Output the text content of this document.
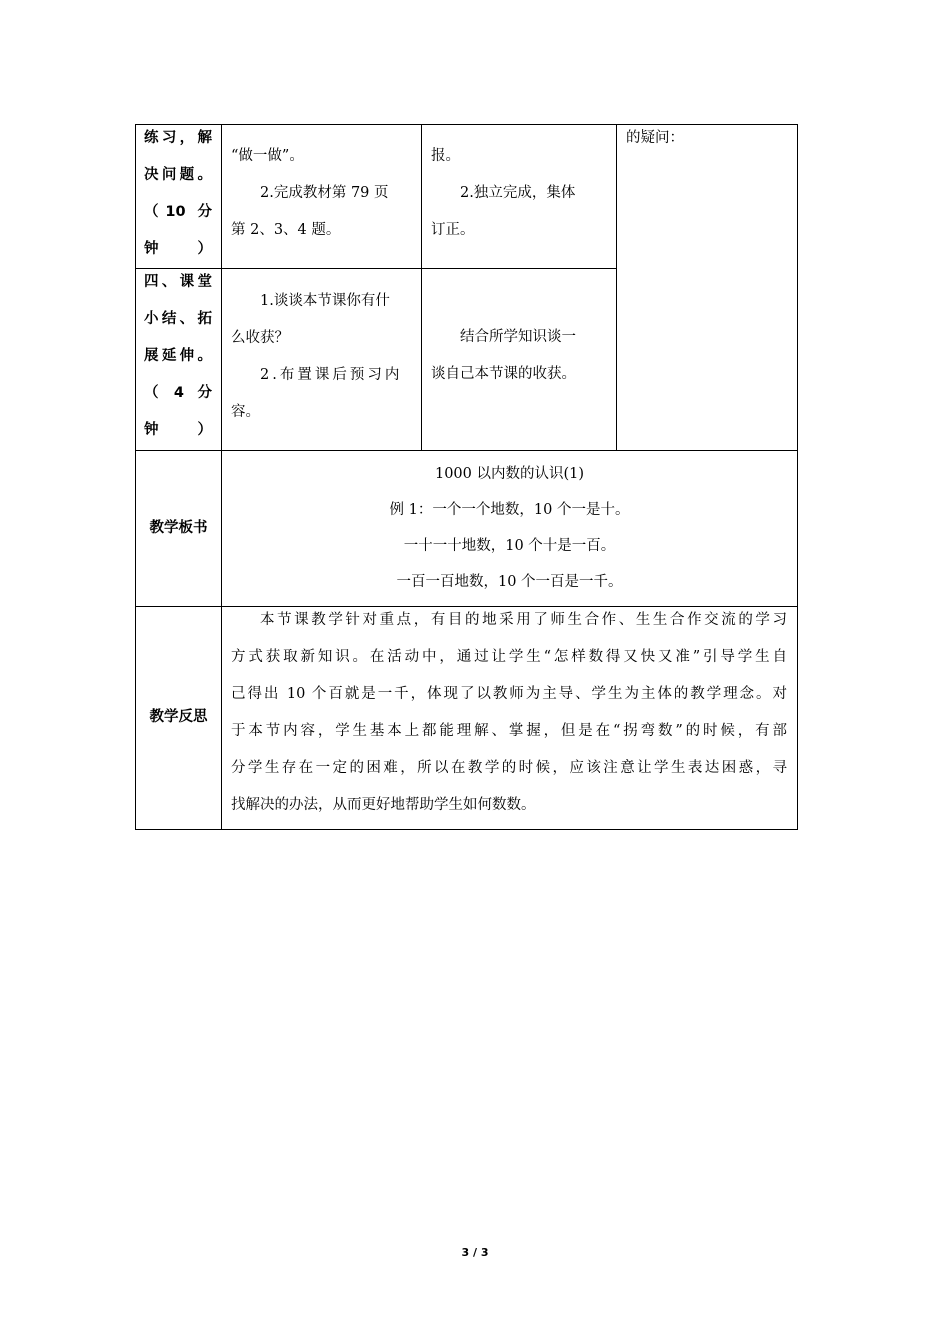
练习，解
决问题。
（10 分
钟）
“做一做”。
2.完成教材第 79 页
第 2、3、4 题。
报。
2.独立完成，集体
订正。
的疑问：
四、课堂
小结、拓
展延伸。
（  4  分
钟）
1.谈谈本节课你有什
么收获？
2.布置课后预习内
容。
结合所学知识谈一
谈自己本节课的收获。
教学板书
1000 以内数的认识(1)
例 1：一个一个地数，10 个一是十。
一十一十地数，10 个十是一百。
一百一百地数，10 个一百是一千。
教学反思
本节课教学针对重点，有目的地采用了师生合作、生生合作交流的学习
方式获取新知识。在活动中，通过让学生“怎样数得又快又准”引导学生自
己得出 10 个百就是一千，体现了以教师为主导、学生为主体的教学理念。对
于本节内容，学生基本上都能理解、掌握，但是在“拐弯数”的时候，有部
分学生存在一定的困难，所以在教学的时候，应该注意让学生表达困惑，寻
找解决的办法，从而更好地帮助学生如何数数。
3 / 3
